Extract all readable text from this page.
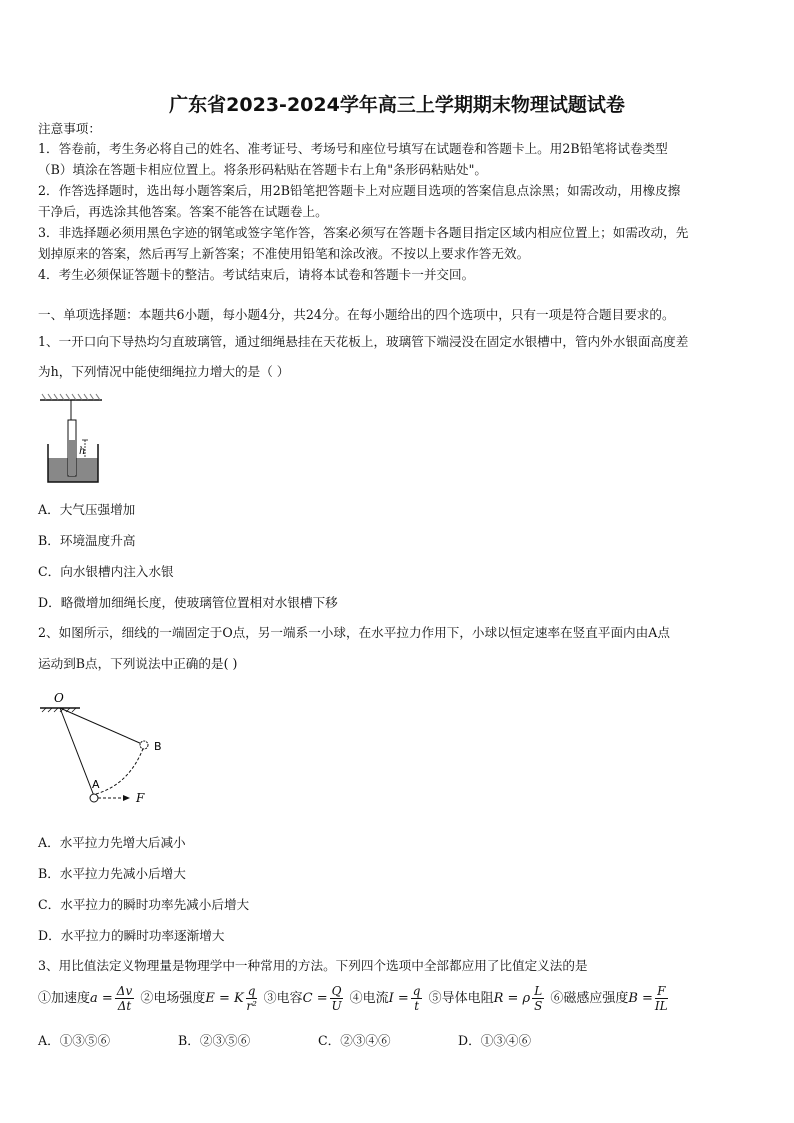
广东省2023-2024学年高三上学期期末物理试题试卷
注意事项：
1．答卷前，考生务必将自己的姓名、准考证号、考场号和座位号填写在试题卷和答题卡上。用2B铅笔将试卷类型
（B）填涂在答题卡相应位置上。将条形码粘贴在答题卡右上角"条形码粘贴处"。
2．作答选择题时，选出每小题答案后，用2B铅笔把答题卡上对应题目选项的答案信息点涂黑；如需改动，用橡皮擦
干净后，再选涂其他答案。答案不能答在试题卷上。
3．非选择题必须用黑色字迹的钢笔或签字笔作答，答案必须写在答题卡各题目指定区域内相应位置上；如需改动，先
划掉原来的答案，然后再写上新答案；不准使用铅笔和涂改液。不按以上要求作答无效。
4．考生必须保证答题卡的整洁。考试结束后，请将本试卷和答题卡一并交回。
一、单项选择题：本题共6小题，每小题4分，共24分。在每小题给出的四个选项中，只有一项是符合题目要求的。
1、一开口向下导热均匀直玻璃管，通过细绳悬挂在天花板上，玻璃管下端浸没在固定水银槽中，管内外水银面高度差
为h，下列情况中能使细绳拉力增大的是（ ）
h
A．大气压强增加
B．环境温度升高
C．向水银槽内注入水银
D．略微增加细绳长度，使玻璃管位置相对水银槽下移
2、如图所示，细线的一端固定于O点，另一端系一小球，在水平拉力作用下，小球以恒定速率在竖直平面内由A点
运动到B点，下列说法中正确的是( )
O
A
B
F
A．水平拉力先增大后减小
B．水平拉力先减小后增大
C．水平拉力的瞬时功率先减小后增大
D．水平拉力的瞬时功率逐渐增大
3、用比值法定义物理量是物理学中一种常用的方法。下列四个选项中全部都应用了比值定义法的是
①加速度$a = \frac{\Delta v}{\Delta t}$ ②电场强度E = K $\frac{q}{\text{r²}}$ ③电容$C = \frac{Q}{U}$ ④电流$I = \frac{q}{t}$ ⑤导体电阻R = ρ $\frac{L}{S}$ ⑥磁感应强度$B = \frac{F}{IL}$
A．①③⑤⑥	B．②③⑤⑥	C．②③④⑥	D．①③④⑥
